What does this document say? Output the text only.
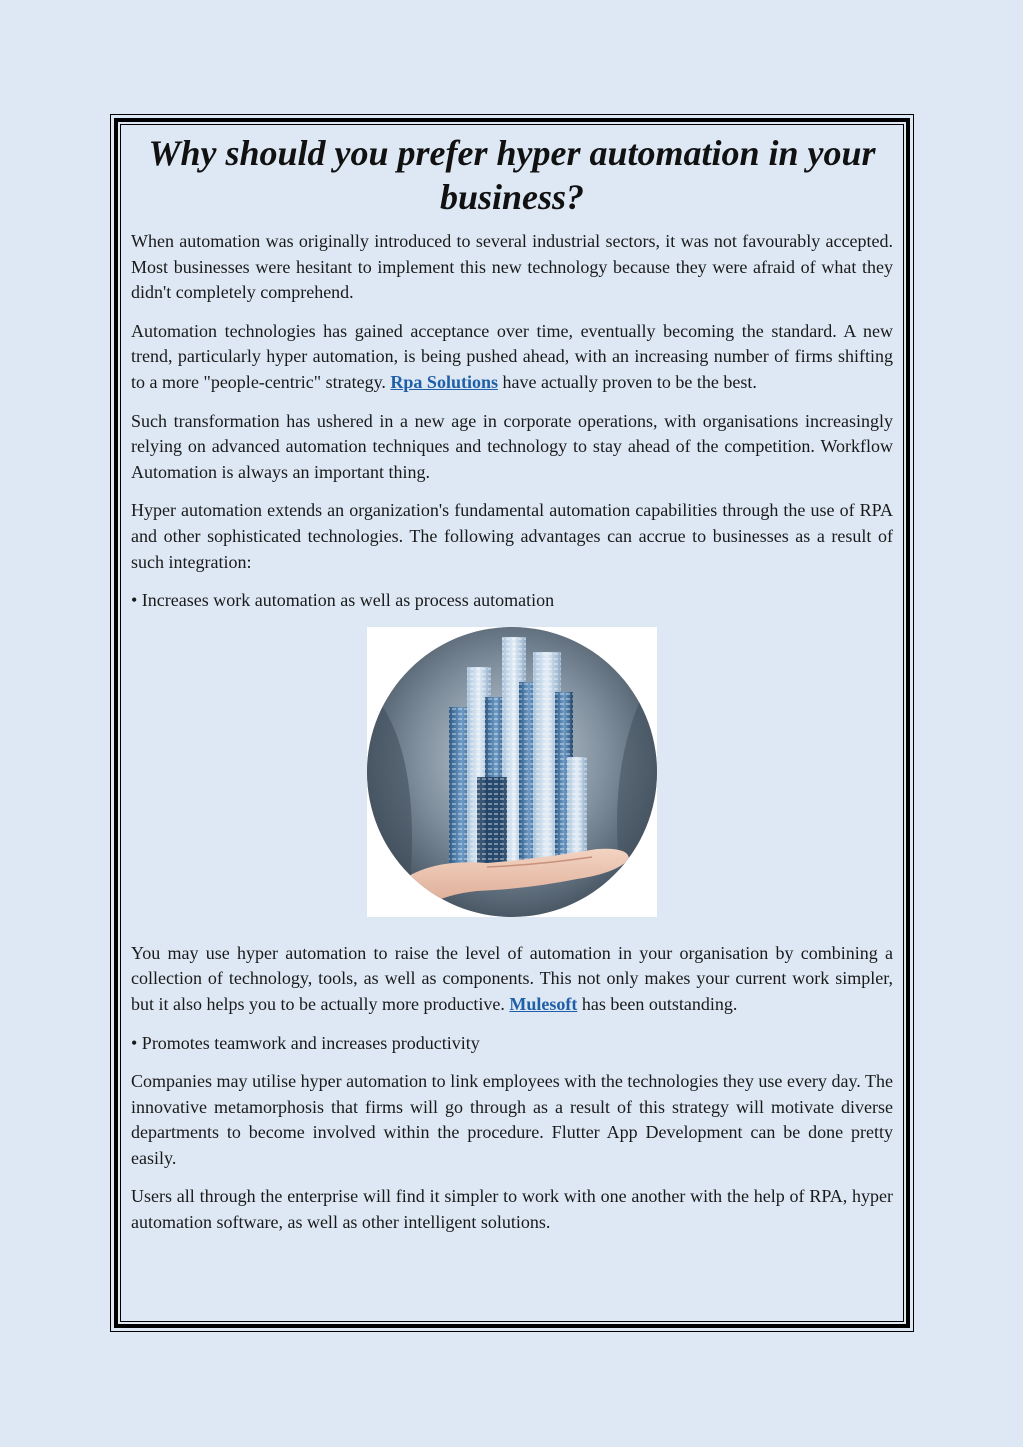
Why should you prefer hyper automation in your business?

When automation was originally introduced to several industrial sectors, it was not favourably accepted. Most businesses were hesitant to implement this new technology because they were afraid of what they didn't completely comprehend.

Automation technologies has gained acceptance over time, eventually becoming the standard. A new trend, particularly hyper automation, is being pushed ahead, with an increasing number of firms shifting to a more "people-centric" strategy. Rpa Solutions have actually proven to be the best.

Such transformation has ushered in a new age in corporate operations, with organisations increasingly relying on advanced automation techniques and technology to stay ahead of the competition. Workflow Automation is always an important thing.

Hyper automation extends an organization's fundamental automation capabilities through the use of RPA and other sophisticated technologies. The following advantages can accrue to businesses as a result of such integration:

• Increases work automation as well as process automation

You may use hyper automation to raise the level of automation in your organisation by combining a collection of technology, tools, as well as components. This not only makes your current work simpler, but it also helps you to be actually more productive. Mulesoft has been outstanding.

• Promotes teamwork and increases productivity

Companies may utilise hyper automation to link employees with the technologies they use every day. The innovative metamorphosis that firms will go through as a result of this strategy will motivate diverse departments to become involved within the procedure. Flutter App Development can be done pretty easily.

Users all through the enterprise will find it simpler to work with one another with the help of RPA, hyper automation software, as well as other intelligent solutions.
